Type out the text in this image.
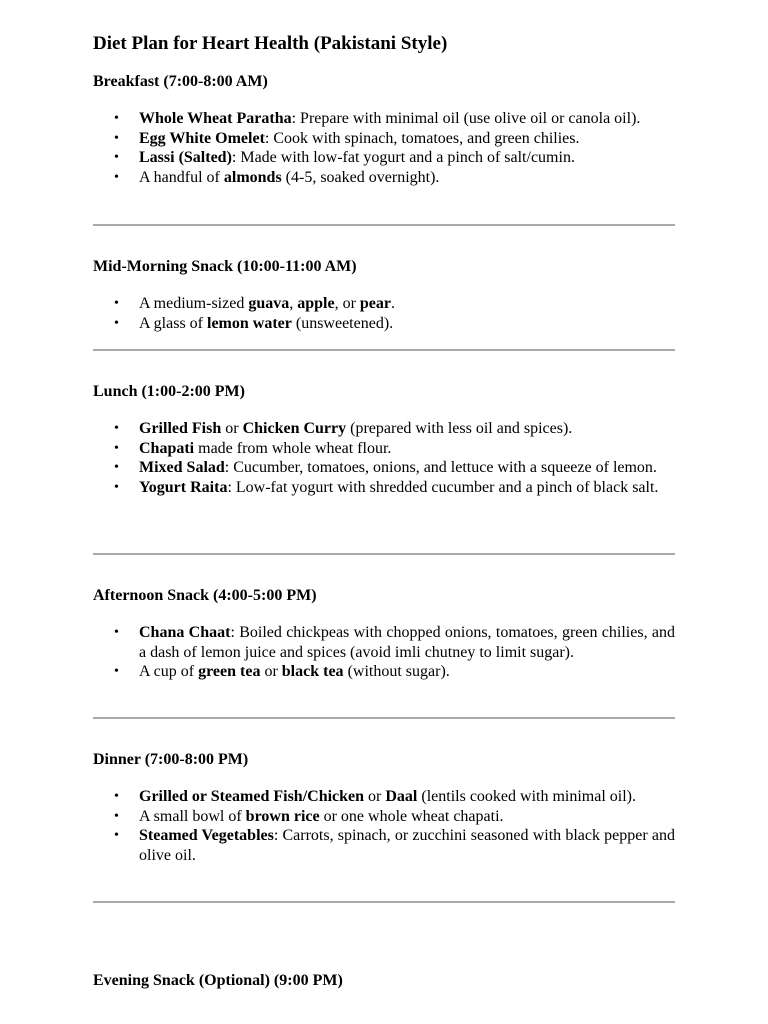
Diet Plan for Heart Health (Pakistani Style)
Breakfast (7:00-8:00 AM)
• Whole Wheat Paratha: Prepare with minimal oil (use olive oil or canola oil).
• Egg White Omelet: Cook with spinach, tomatoes, and green chilies.
• Lassi (Salted): Made with low-fat yogurt and a pinch of salt/cumin.
• A handful of almonds (4-5, soaked overnight).
Mid-Morning Snack (10:00-11:00 AM)
• A medium-sized guava, apple, or pear.
• A glass of lemon water (unsweetened).
Lunch (1:00-2:00 PM)
• Grilled Fish or Chicken Curry (prepared with less oil and spices).
• Chapati made from whole wheat flour.
• Mixed Salad: Cucumber, tomatoes, onions, and lettuce with a squeeze of lemon.
• Yogurt Raita: Low-fat yogurt with shredded cucumber and a pinch of black salt.
Afternoon Snack (4:00-5:00 PM)
• Chana Chaat: Boiled chickpeas with chopped onions, tomatoes, green chilies, and a dash of lemon juice and spices (avoid imli chutney to limit sugar).
• A cup of green tea or black tea (without sugar).
Dinner (7:00-8:00 PM)
• Grilled or Steamed Fish/Chicken or Daal (lentils cooked with minimal oil).
• A small bowl of brown rice or one whole wheat chapati.
• Steamed Vegetables: Carrots, spinach, or zucchini seasoned with black pepper and olive oil.
Evening Snack (Optional) (9:00 PM)
